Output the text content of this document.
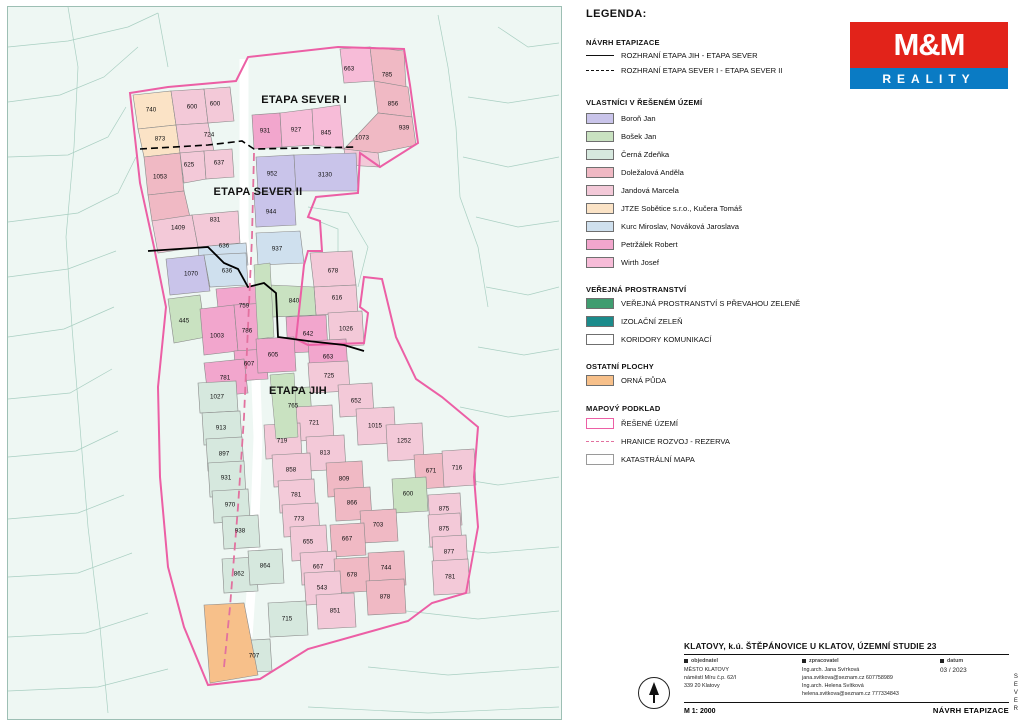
663
785
740	600 600	856
873
724
931	927	845
1073
939
1053
625	637
952	3130
1409
831
944
636	937
1070	636	678
616
759
840
445
1003
786	642
1026
607
605	663
781	725
1027
765
652
913
721	1015
719	1252
897	813
858
931	809
671 716
970
781
866
600
875
773
703
938
655	667
875
877
862
864	667
678
744
781
543
878
851
715
707
ETAPA SEVER I
ETAPA SEVER II
ETAPA JIH
LEGENDA:
M&M
REALITY
NÁVRH ETAPIZACE
ROZHRANÍ ETAPA JIH - ETAPA SEVER
ROZHRANÍ ETAPA SEVER I - ETAPA SEVER II
VLASTNÍCI V ŘEŠENÉM ÚZEMÍ
Boroň Jan
Bošek Jan
Černá Zdeňka
Doležalová Anděla
Jandová Marcela
JTZE Soběticе s.r.o., Kučera Tomáš
Kurc Miroslav, Nováková Jaroslava
Petržálek Robert
Wirth Josef
VEŘEJNÁ PROSTRANSTVÍ
VEŘEJNÁ PROSTRANSTVÍ S PŘEVAHOU ZELENĚ
IZOLAČNÍ ZELEŇ
KORIDORY KOMUNIKACÍ
OSTATNÍ PLOCHY
ORNÁ PŮDA
MAPOVÝ PODKLAD
ŘEŠENÉ ÚZEMÍ
HRANICE ROZVOJ - REZERVA
KATASTRÁLNÍ MAPA
KLATOVY, k.ú. ŠTĚPÁNOVICE U KLATOV, ÚZEMNÍ STUDIE 23
objednatel
MĚSTO KLATOVY
náměstí Míru č.p. 62/I
339 20 Klatovy
zpracovatel
Ing.arch. Jana Svíтková
jana.svitkova@seznam.cz 607758989
Ing.arch. Helena Svítková
helena.svitkova@seznam.cz 777334843
datum
03 / 2023
M 1: 2000	NÁVRH ETAPIZACE
S
E
V
E
R
